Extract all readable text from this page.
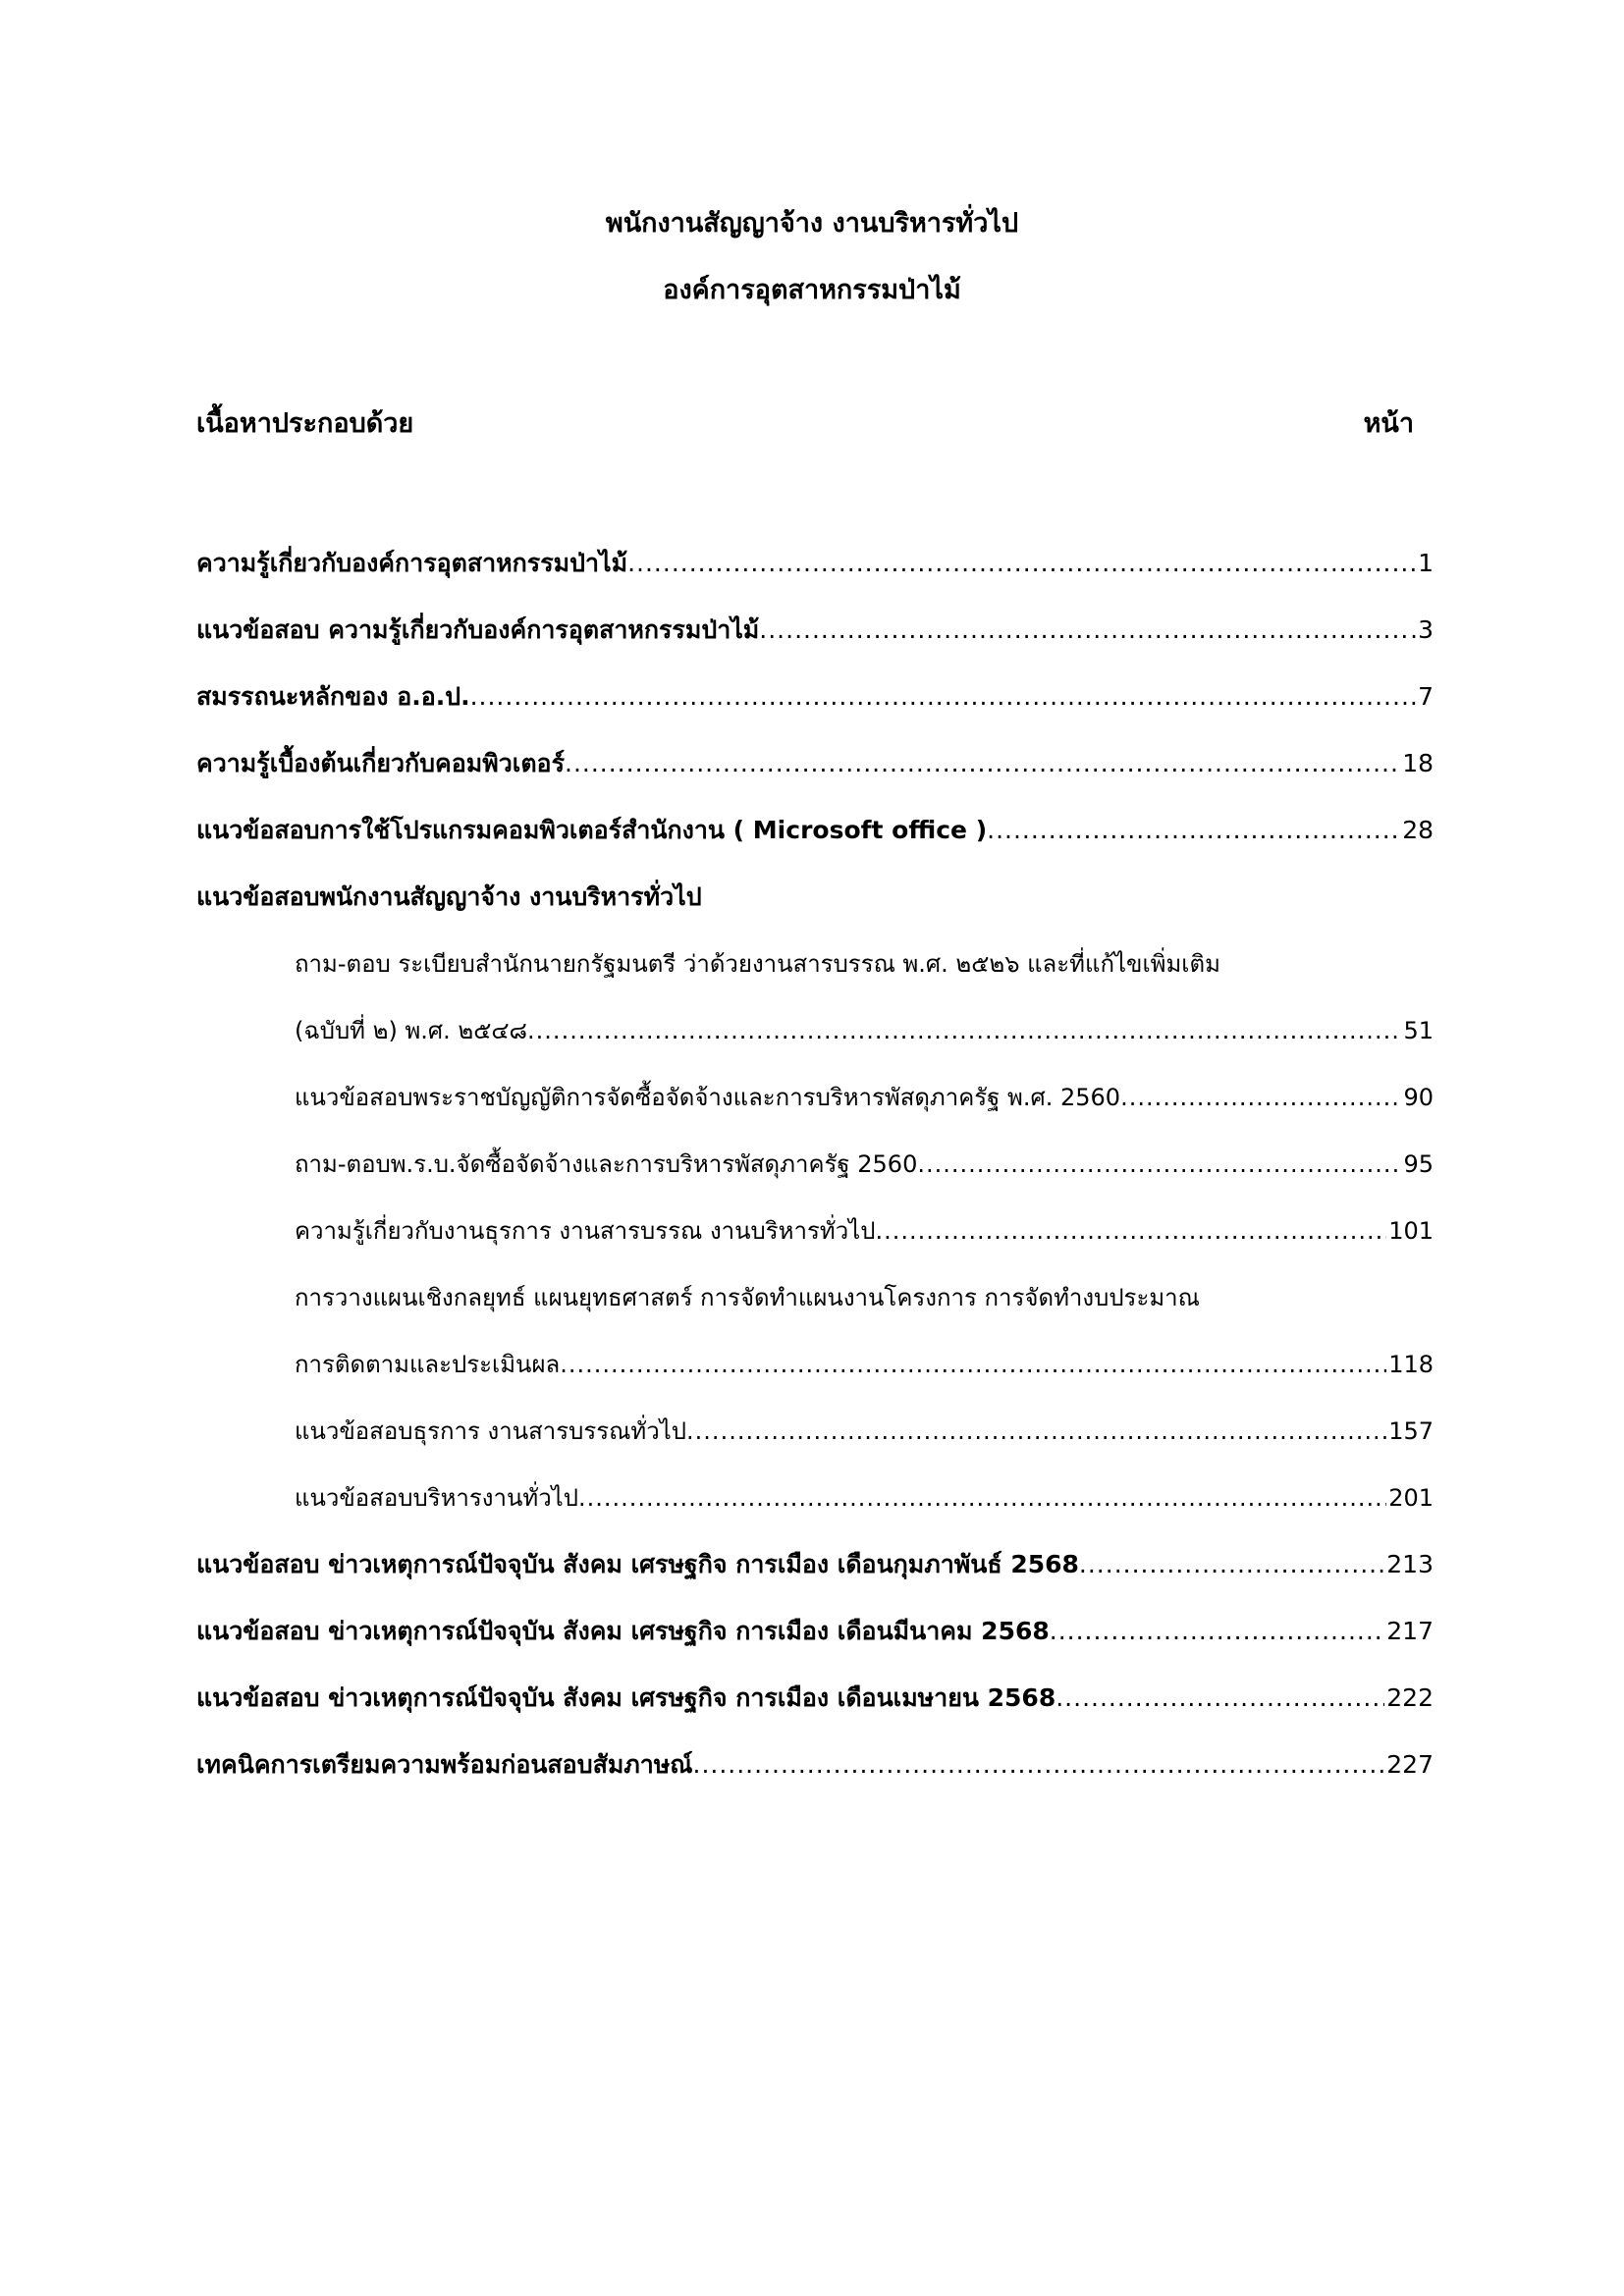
พนักงานสัญญาจ้าง งานบริหารทั่วไป
องค์การอุตสาหกรรมป่าไม้
เนื้อหาประกอบด้วย	หน้า
ความรู้เกี่ยวกับองค์การอุตสาหกรรมป่าไม้ .....	1
แนวข้อสอบ ความรู้เกี่ยวกับองค์การอุตสาหกรรมป่าไม้ .....	.3
สมรรถนะหลักของ อ.อ.ป. .....	7
ความรู้เบื้องต้นเกี่ยวกับคอมพิวเตอร์ .....	18
แนวข้อสอบการใช้โปรแกรมคอมพิวเตอร์สำนักงาน ( Microsoft office ) .....	28
แนวข้อสอบพนักงานสัญญาจ้าง งานบริหารทั่วไป
ถาม-ตอบ ระเบียบสำนักนายกรัฐมนตรี ว่าด้วยงานสารบรรณ พ.ศ. ๒๕๒๖ และที่แก้ไขเพิ่มเติม
(ฉบับที่ ๒) พ.ศ. ๒๕๔๘ .....	51
แนวข้อสอบพระราชบัญญัติการจัดซื้อจัดจ้างและการบริหารพัสดุภาครัฐ พ.ศ. 2560 .....	90
ถาม-ตอบพ.ร.บ.จัดซื้อจัดจ้างและการบริหารพัสดุภาครัฐ 2560 .....	95
ความรู้เกี่ยวกับงานธุรการ งานสารบรรณ งานบริหารทั่วไป .....	101
การวางแผนเชิงกลยุทธ์ แผนยุทธศาสตร์ การจัดทำแผนงานโครงการ การจัดทำงบประมาณ
การติดตามและประเมินผล .....	118
แนวข้อสอบธุรการ งานสารบรรณทั่วไป .....	157
แนวข้อสอบบริหารงานทั่วไป .....	201
แนวข้อสอบ ข่าวเหตุการณ์ปัจจุบัน สังคม เศรษฐกิจ การเมือง เดือนกุมภาพันธ์ 2568 .....	213
แนวข้อสอบ ข่าวเหตุการณ์ปัจจุบัน สังคม เศรษฐกิจ การเมือง เดือนมีนาคม 2568 .....	217
แนวข้อสอบ ข่าวเหตุการณ์ปัจจุบัน สังคม เศรษฐกิจ การเมือง เดือนเมษายน 2568 .....	222
เทคนิคการเตรียมความพร้อมก่อนสอบสัมภาษณ์ .....	227
